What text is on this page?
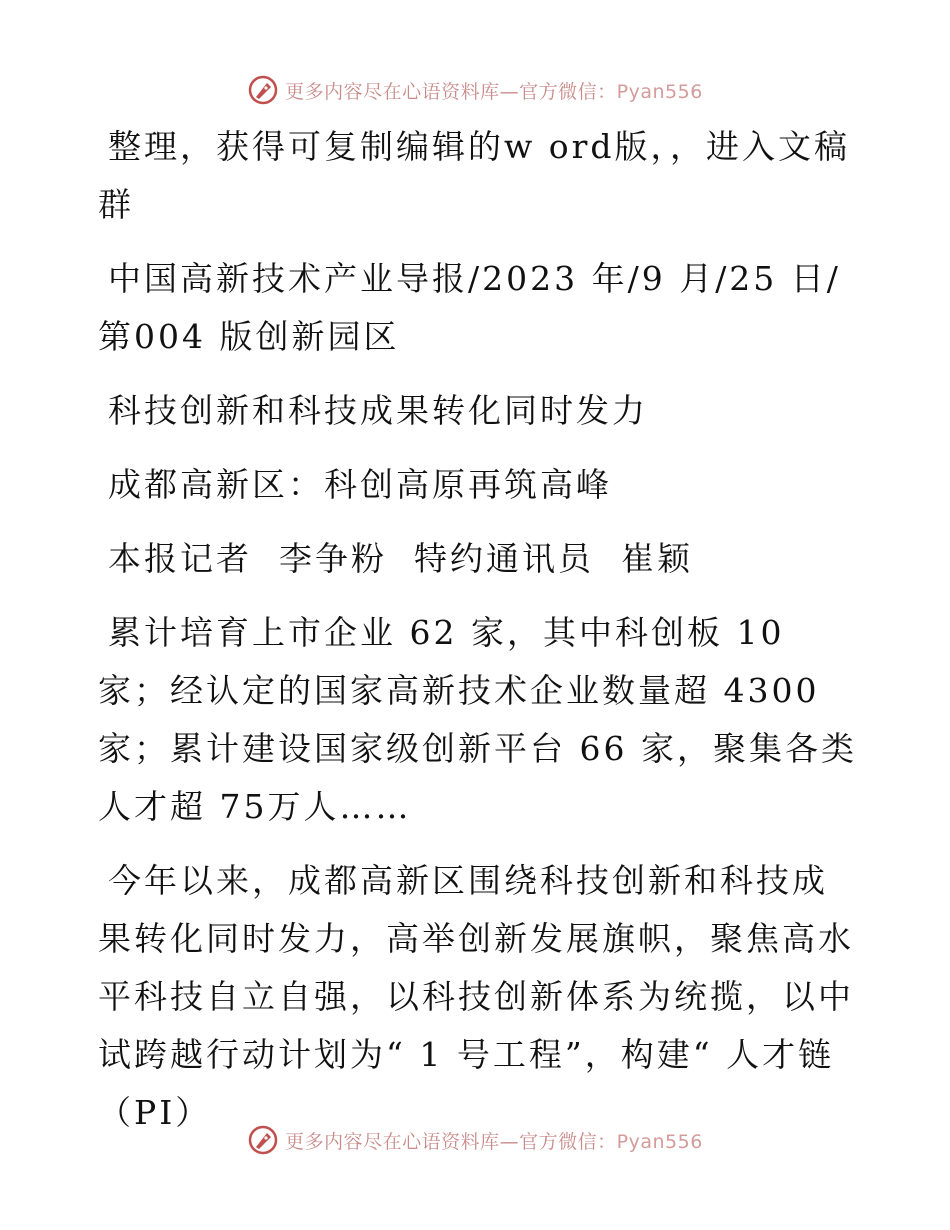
更多内容尽在心语资料库—官方微信：Pyan556

整理，获得可复制编辑的w ord版，，进入文稿群

中国高新技术产业导报/2023 年/9 月/25 日/第004 版创新园区

科技创新和科技成果转化同时发力

成都高新区：科创高原再筑高峰

本报记者  李争粉  特约通讯员  崔颖

累计培育上市企业 62 家，其中科创板 10 家；经认定的国家高新技术企业数量超 4300 家；累计建设国家级创新平台 66 家，聚集各类人才超 75万人……

今年以来，成都高新区围绕科技创新和科技成果转化同时发力，高举创新发展旗帜，聚焦高水平科技自立自强，以科技创新体系为统揽，以中试跨越行动计划为“ 1 号工程”，构建“ 人才链（PI）

更多内容尽在心语资料库—官方微信：Pyan556
